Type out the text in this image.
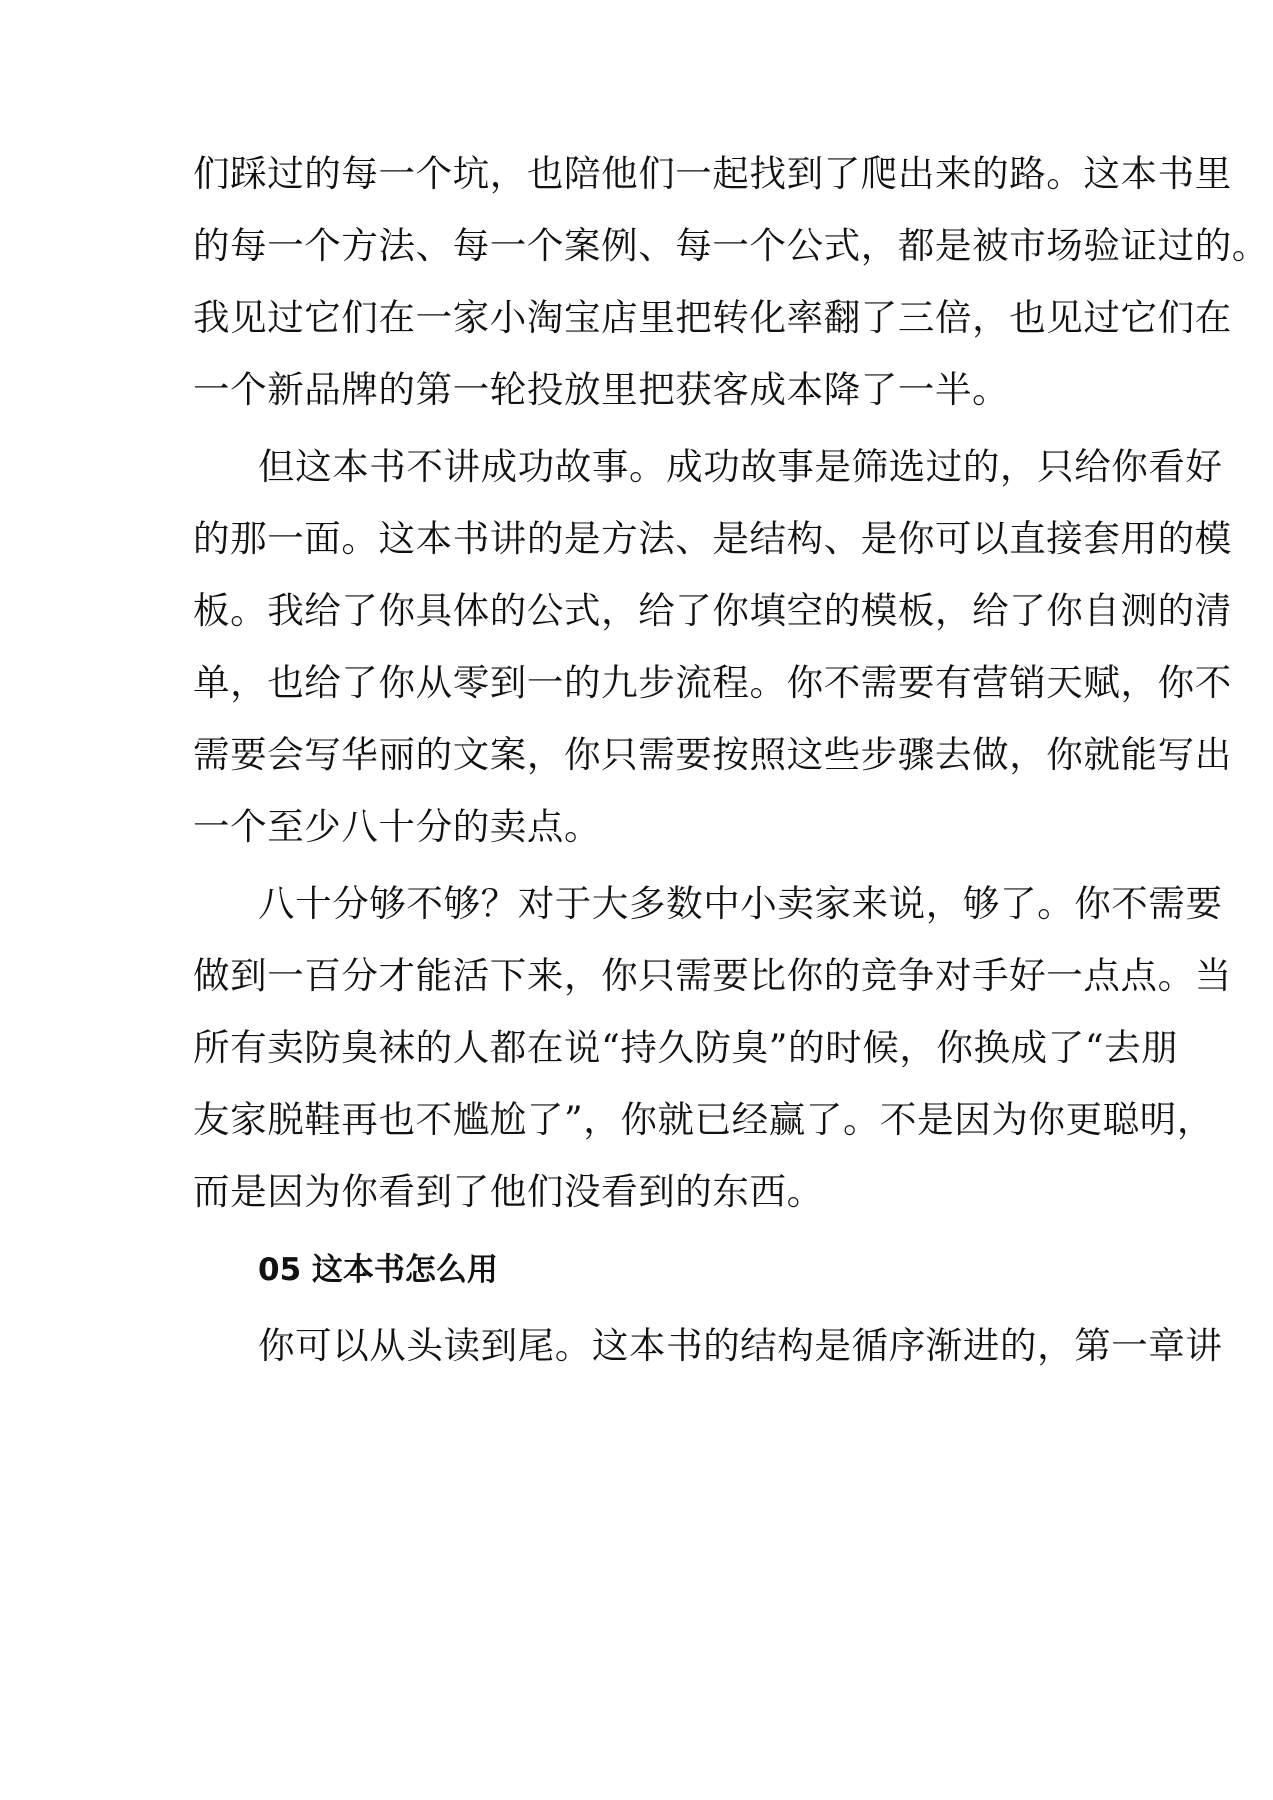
们踩过的每一个坑，也陪他们一起找到了爬出来的路。这本书里
的每一个方法、每一个案例、每一个公式，都是被市场验证过的。
我见过它们在一家小淘宝店里把转化率翻了三倍，也见过它们在
一个新品牌的第一轮投放里把获客成本降了一半。
但这本书不讲成功故事。成功故事是筛选过的，只给你看好
的那一面。这本书讲的是方法、是结构、是你可以直接套用的模
板。我给了你具体的公式，给了你填空的模板，给了你自测的清
单，也给了你从零到一的九步流程。你不需要有营销天赋，你不
需要会写华丽的文案，你只需要按照这些步骤去做，你就能写出
一个至少八十分的卖点。
八十分够不够？对于大多数中小卖家来说，够了。你不需要
做到一百分才能活下来，你只需要比你的竞争对手好一点点。当
所有卖防臭袜的人都在说“持久防臭”的时候，你换成了“去朋
友家脱鞋再也不尴尬了”，你就已经赢了。不是因为你更聪明，
而是因为你看到了他们没看到的东西。
05 这本书怎么用
你可以从头读到尾。这本书的结构是循序渐进的，第一章讲
